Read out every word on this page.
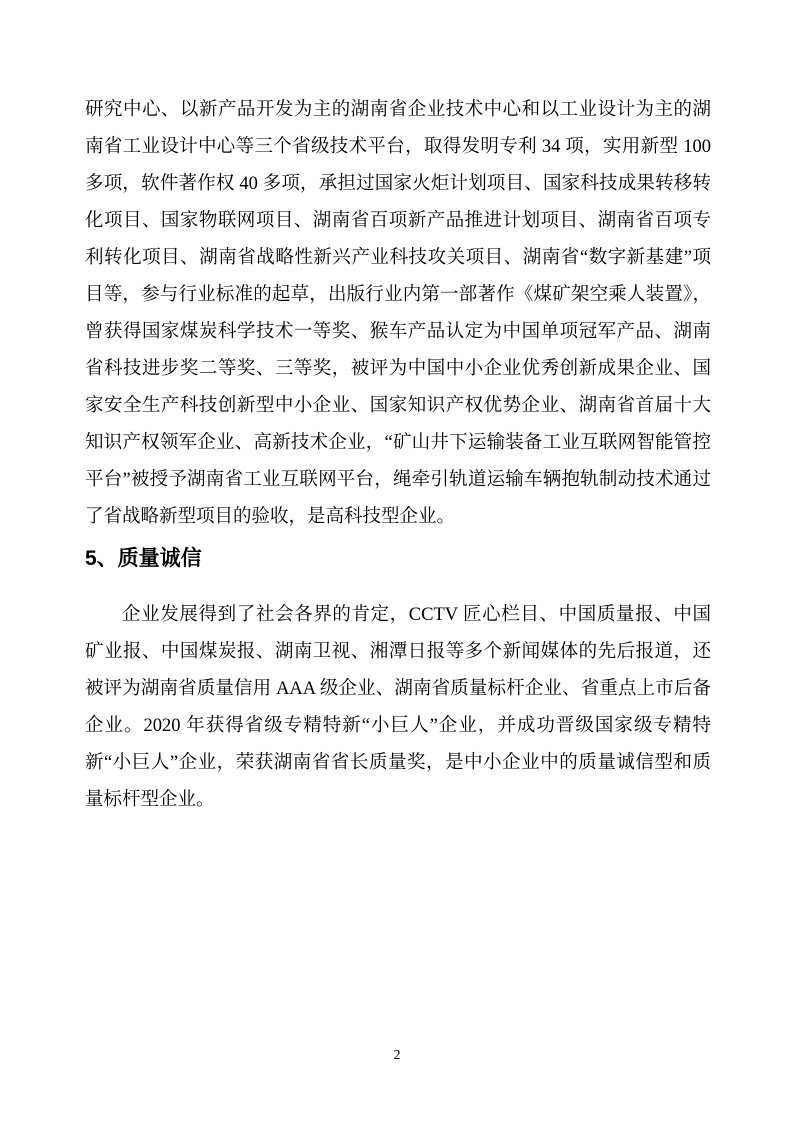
研究中心、以新产品开发为主的湖南省企业技术中心和以工业设计为主的湖南省工业设计中心等三个省级技术平台，取得发明专利 34 项，实用新型 100 多项，软件著作权 40 多项，承担过国家火炬计划项目、国家科技成果转移转化项目、国家物联网项目、湖南省百项新产品推进计划项目、湖南省百项专利转化项目、湖南省战略性新兴产业科技攻关项目、湖南省“数字新基建”项目等，参与行业标准的起草，出版行业内第一部著作《煤矿架空乘人装置》，曾获得国家煤炭科学技术一等奖、猴车产品认定为中国单项冠军产品、湖南省科技进步奖二等奖、三等奖，被评为中国中小企业优秀创新成果企业、国家安全生产科技创新型中小企业、国家知识产权优势企业、湖南省首届十大知识产权领军企业、高新技术企业，“矿山井下运输装备工业互联网智能管控平台”被授予湖南省工业互联网平台，绳牵引轨道运输车辆抱轨制动技术通过了省战略新型项目的验收，是高科技型企业。

5、质量诚信

企业发展得到了社会各界的肯定，CCTV 匠心栏目、中国质量报、中国矿业报、中国煤炭报、湖南卫视、湘潭日报等多个新闻媒体的先后报道，还被评为湖南省质量信用 AAA 级企业、湖南省质量标杆企业、省重点上市后备企业。2020 年获得省级专精特新“小巨人”企业，并成功晋级国家级专精特新“小巨人”企业，荣获湖南省省长质量奖，是中小企业中的质量诚信型和质量标杆型企业。

2
